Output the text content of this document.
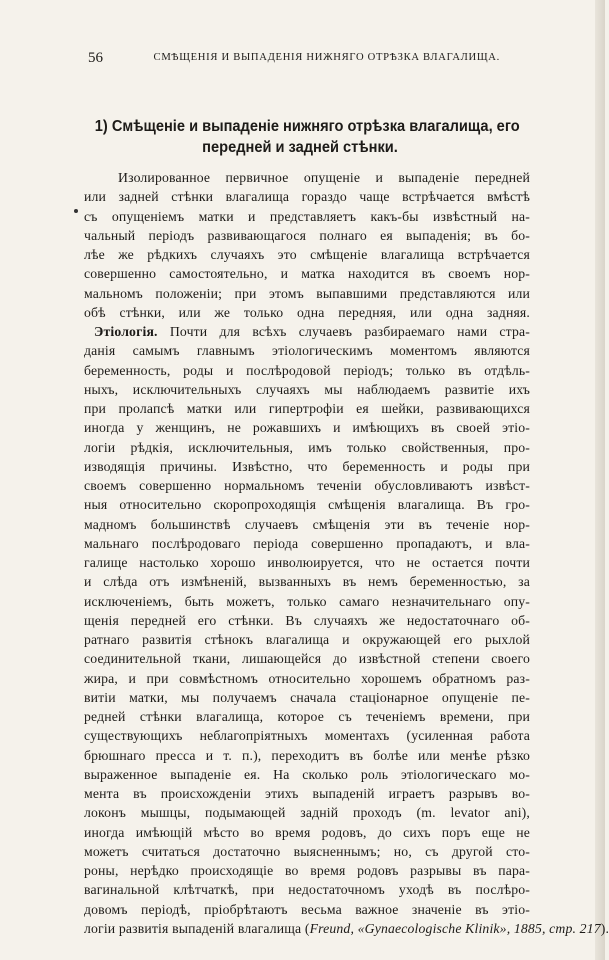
56	СМѢЩЕНІЯ И ВЫПАДЕНІЯ НИЖНЯГО ОТРѢЗКА ВЛАГАЛИЩА.
1) Смѣщеніе и выпаденіе нижняго отрѣзка влагалища, его
передней и задней стѣнки.
Изолированное первичное опущеніе и выпаденіе передней
или задней стѣнки влагалища гораздо чаще встрѣчается вмѣстѣ
съ опущеніемъ матки и представляетъ какъ-бы извѣстный на-
чальный періодъ развивающагося полнаго ея выпаденія; въ бо-
лѣе же рѣдкихъ случаяхъ это смѣщеніе влагалища встрѣчается
совершенно самостоятельно, и матка находится въ своемъ нор-
мальномъ положеніи; при этомъ выпавшими представляются или
обѣ стѣнки, или же только одна передняя, или одна задняя.
Этіологія. Почти для всѣхъ случаевъ разбираемаго нами стра-
данія самымъ главнымъ этіологическимъ моментомъ являются
беременность, роды и послѣродовой періодъ; только въ отдѣль-
ныхъ, исключительныхъ случаяхъ мы наблюдаемъ развитіе ихъ
при пролапсѣ матки или гипертрофіи ея шейки, развивающихся
иногда у женщинъ, не рожавшихъ и имѣющихъ въ своей этіо-
логіи рѣдкія, исключительныя, имъ только свойственныя, про-
изводящія причины. Извѣстно, что беременность и роды при
своемъ совершенно нормальномъ теченіи обусловливаютъ извѣст-
ныя относительно скоропроходящія смѣщенія влагалища. Въ гро-
мадномъ большинствѣ случаевъ смѣщенія эти въ теченіе нор-
мальнаго послѣродоваго періода совершенно пропадаютъ, и вла-
галище настолько хорошо инволюируется, что не остается почти
и слѣда отъ измѣненій, вызванныхъ въ немъ беременностью, за
исключеніемъ, быть можетъ, только самаго незначительнаго опу-
щенія передней его стѣнки. Въ случаяхъ же недостаточнаго об-
ратнаго развитія стѣнокъ влагалища и окружающей его рыхлой
соединительной ткани, лишающейся до извѣстной степени своего
жира, и при совмѣстномъ относительно хорошемъ обратномъ раз-
витіи матки, мы получаемъ сначала стаціонарное опущеніе пе-
редней стѣнки влагалища, которое съ теченіемъ времени, при
существующихъ неблагопріятныхъ моментахъ (усиленная работа
брюшнаго пресса и т. п.), переходитъ въ болѣе или менѣе рѣзко
выраженное выпаденіе ея. На сколько роль этіологическаго мо-
мента въ происхожденіи этихъ выпаденій играетъ разрывъ во-
локонъ мышцы, подымающей задній проходъ (m. levator ani),
иногда имѣющій мѣсто во время родовъ, до сихъ поръ еще не
можетъ считаться достаточно выясненнымъ; но, съ другой сто-
роны, нерѣдко происходящіе во время родовъ разрывы въ пара-
вагинальной клѣтчаткѣ, при недостаточномъ уходѣ въ послѣро-
довомъ періодѣ, пріобрѣтаютъ весьма важное значеніе въ этіо-
логіи развитія выпаденій влагалища (Freund, «Gynaecologische Klinik», 1885, стр. 217).
